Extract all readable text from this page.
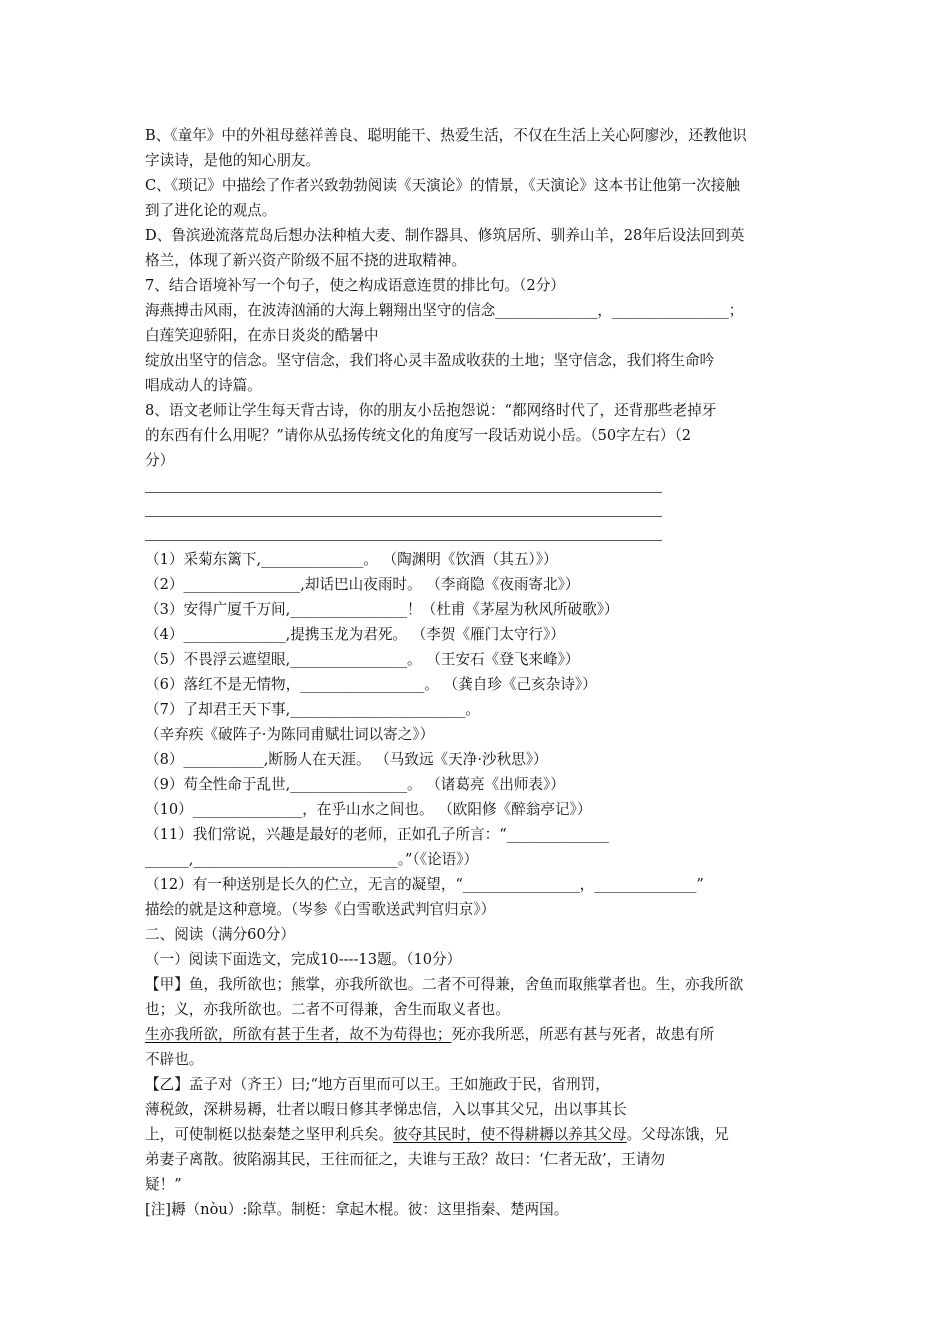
B、《童年》中的外祖母慈祥善良、聪明能干、热爱生活，不仅在生活上关心阿廖沙，还教他识
字读诗，是他的知心朋友。
C、《琐记》中描绘了作者兴致勃勃阅读《天演论》的情景，《天演论》这本书让他第一次接触
到了进化论的观点。
D、鲁滨逊流落荒岛后想办法种植大麦、制作器具、修筑居所、驯养山羊，28年后设法回到英
格兰，体现了新兴资产阶级不屈不挠的进取精神。
7、结合语境补写一个句子，使之构成语意连贯的排比句。（2分）
海燕搏击风雨，在波涛汹涌的大海上翱翔出坚守的信念______________，________________；
白莲笑迎骄阳，在赤日炎炎的酷暑中
绽放出坚守的信念。坚守信念，我们将心灵丰盈成收获的土地；坚守信念，我们将生命吟
唱成动人的诗篇。
8、语文老师让学生每天背古诗，你的朋友小岳抱怨说：“都网络时代了，还背那些老掉牙
的东西有什么用呢？”请你从弘扬传统文化的角度写一段话劝说小岳。（50字左右）（2
分）
（1）采菊东篱下,______________。 （陶渊明《饮酒（其五）》）
（2）________________,却话巴山夜雨时。 （李商隐《夜雨寄北》）
（3）安得广厦千万间,________________！（杜甫《茅屋为秋风所破歌》）
（4）______________,提携玉龙为君死。 （李贺《雁门太守行》）
（5）不畏浮云遮望眼,________________。 （王安石《登飞来峰》）
（6）落红不是无情物，_________________。 （龚自珍《己亥杂诗》）
（7）了却君王天下事,________________________。
（辛弃疾《破阵子·为陈同甫赋壮词以寄之》）
（8）___________,断肠人在天涯。 （马致远《天净·沙秋思》）
（9）苟全性命于乱世,________________。 （诸葛亮《出师表》）
（10）_______________，在乎山水之间也。 （欧阳修《醉翁亭记》）
（11）我们常说，兴趣是最好的老师，正如孔子所言：“______________
______,____________________________。”（《论语》）
（12）有一种送别是长久的伫立，无言的凝望，“________________，______________”
描绘的就是这种意境。（岑参《白雪歌送武判官归京》）
二、阅读（满分60分）
（一）阅读下面选文，完成10----13题。（10分）
【甲】鱼，我所欲也；熊掌，亦我所欲也。二者不可得兼，舍鱼而取熊掌者也。生，亦我所欲
也；义，亦我所欲也。二者不可得兼，舍生而取义者也。
生亦我所欲，所欲有甚于生者，故不为苟得也；死亦我所恶，所恶有甚与死者，故患有所
不辟也。
【乙】孟子对（齐王）曰;“地方百里而可以王。王如施政于民，省刑罚，
薄税敛，深耕易耨，壮者以暇日修其孝悌忠信，入以事其父兄，出以事其长
上，可使制梃以挞秦楚之坚甲利兵矣。彼夺其民时，使不得耕耨以养其父母。父母冻饿，兄
弟妻子离散。彼陷溺其民，王往而征之，夫谁与王敌？故曰：‘仁者无敌’，王请勿
疑！”
[注]耨（nòu）:除草。制梃：拿起木棍。彼：这里指秦、楚两国。
